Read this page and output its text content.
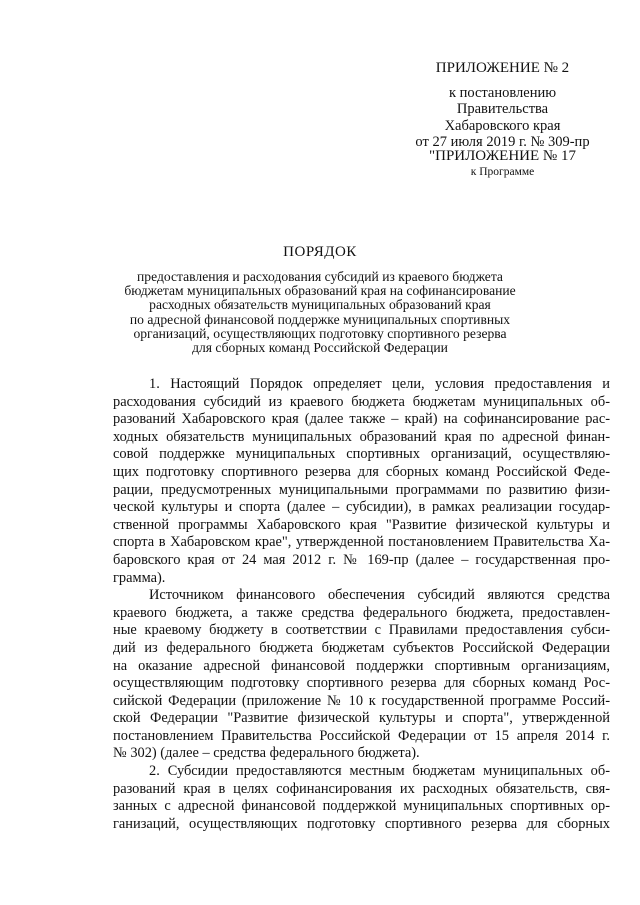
ПРИЛОЖЕНИЕ № 2
к постановлению
Правительства
Хабаровского края
от 27 июля 2019 г. № 309-пр
"ПРИЛОЖЕНИЕ № 17
к Программе
ПОРЯДОК
предоставления и расходования субсидий из краевого бюджета
бюджетам муниципальных образований края на софинансирование
расходных обязательств муниципальных образований края
по адресной финансовой поддержке муниципальных спортивных
организаций, осуществляющих подготовку спортивного резерва
для сборных команд Российской Федерации
1. Настоящий Порядок определяет цели, условия предоставления и
расходования субсидий из краевого бюджета бюджетам муниципальных об-
разований Хабаровского края (далее также – край) на софинансирование рас-
ходных обязательств муниципальных образований края по адресной финан-
совой поддержке муниципальных спортивных организаций, осуществляю-
щих подготовку спортивного резерва для сборных команд Российской Феде-
рации, предусмотренных муниципальными программами по развитию физи-
ческой культуры и спорта (далее – субсидии), в рамках реализации государ-
ственной программы Хабаровского края "Развитие физической культуры и
спорта в Хабаровском крае", утвержденной постановлением Правительства Ха-
баровского края от 24 мая 2012 г. № 169-пр (далее – государственная про-
грамма).
Источником финансового обеспечения субсидий являются средства
краевого бюджета, а также средства федерального бюджета, предоставлен-
ные краевому бюджету в соответствии с Правилами предоставления субси-
дий из федерального бюджета бюджетам субъектов Российской Федерации
на оказание адресной финансовой поддержки спортивным организациям,
осуществляющим подготовку спортивного резерва для сборных команд Рос-
сийской Федерации (приложение № 10 к государственной программе Россий-
ской Федерации "Развитие физической культуры и спорта", утвержденной
постановлением Правительства Российской Федерации от 15 апреля 2014 г.
№ 302) (далее – средства федерального бюджета).
2. Субсидии предоставляются местным бюджетам муниципальных об-
разований края в целях софинансирования их расходных обязательств, свя-
занных с адресной финансовой поддержкой муниципальных спортивных ор-
ганизаций, осуществляющих подготовку спортивного резерва для сборных
